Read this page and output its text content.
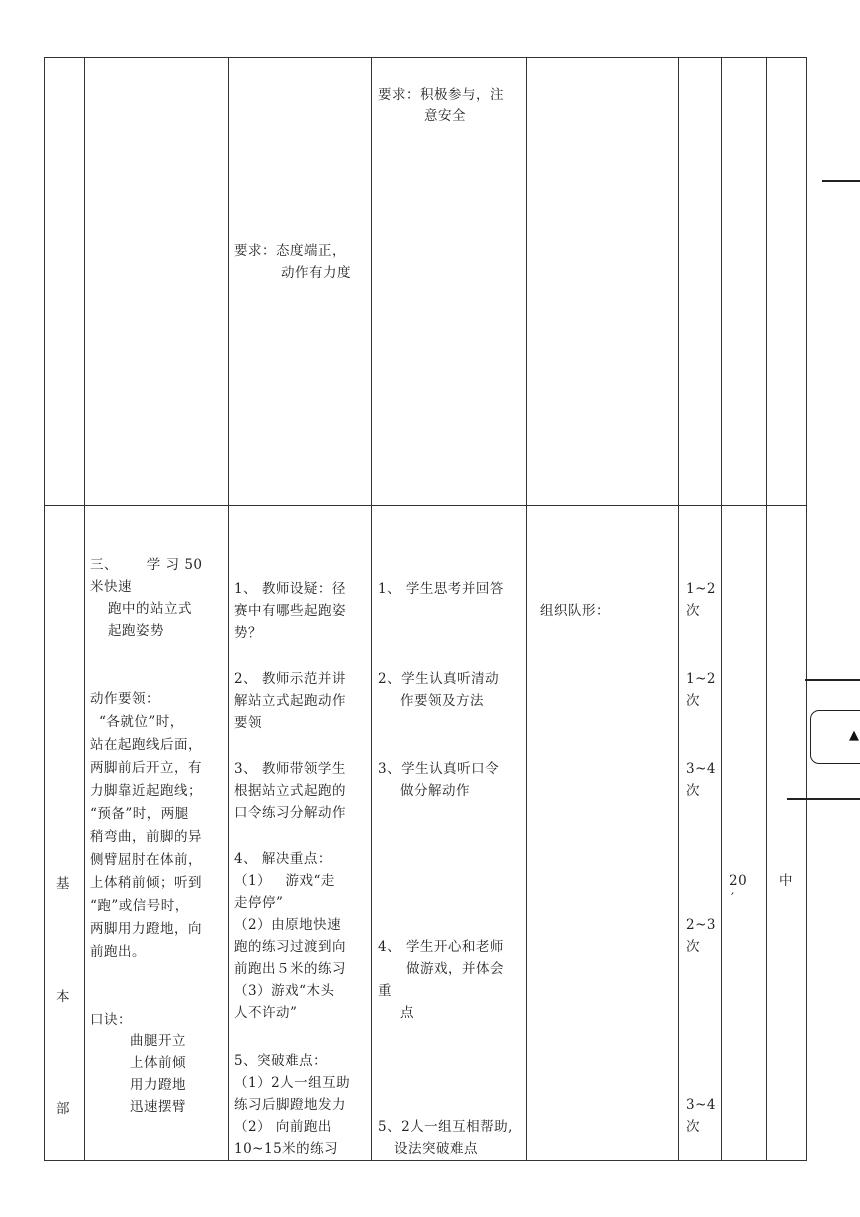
要求：积极参与，注
意安全
要求：态度端正，
动作有力度
基
本
部
三、      学 习 50
米快速
跑中的站立式
起跑姿势
动作要领：
“各就位”时，
站在起跑线后面，
两脚前后开立，有
力脚靠近起跑线；
“预备”时，两腿
稍弯曲，前脚的异
侧臂屈肘在体前，
上体稍前倾；听到
“跑”或信号时，
两脚用力蹬地，向
前跑出。
口诀：
曲腿开立
上体前倾
用力蹬地
迅速摆臂
1、 教师设疑：径
赛中有哪些起跑姿
势？
2、 教师示范并讲
解站立式起跑动作
要领
3、 教师带领学生
根据站立式起跑的
口令练习分解动作
4、 解决重点：
（1）   游戏“走
走停停”
（2）由原地快速
跑的练习过渡到向
前跑出５米的练习
（3）游戏“木头
人不许动”
5、突破难点：
（1）2人一组互助
练习后脚蹬地发力
（2） 向前跑出
10~15米的练习
1、 学生思考并回答
2、学生认真听清动
作要领及方法
3、学生认真听口令
做分解动作
4、 学生开心和老师
做游戏，并体会
重
点
5、2人一组互相帮助,
设法突破难点
组织队形：
1~2
次
1~2
次
3~4
次
2~3
次
3~4
次
20
′
中
▲
